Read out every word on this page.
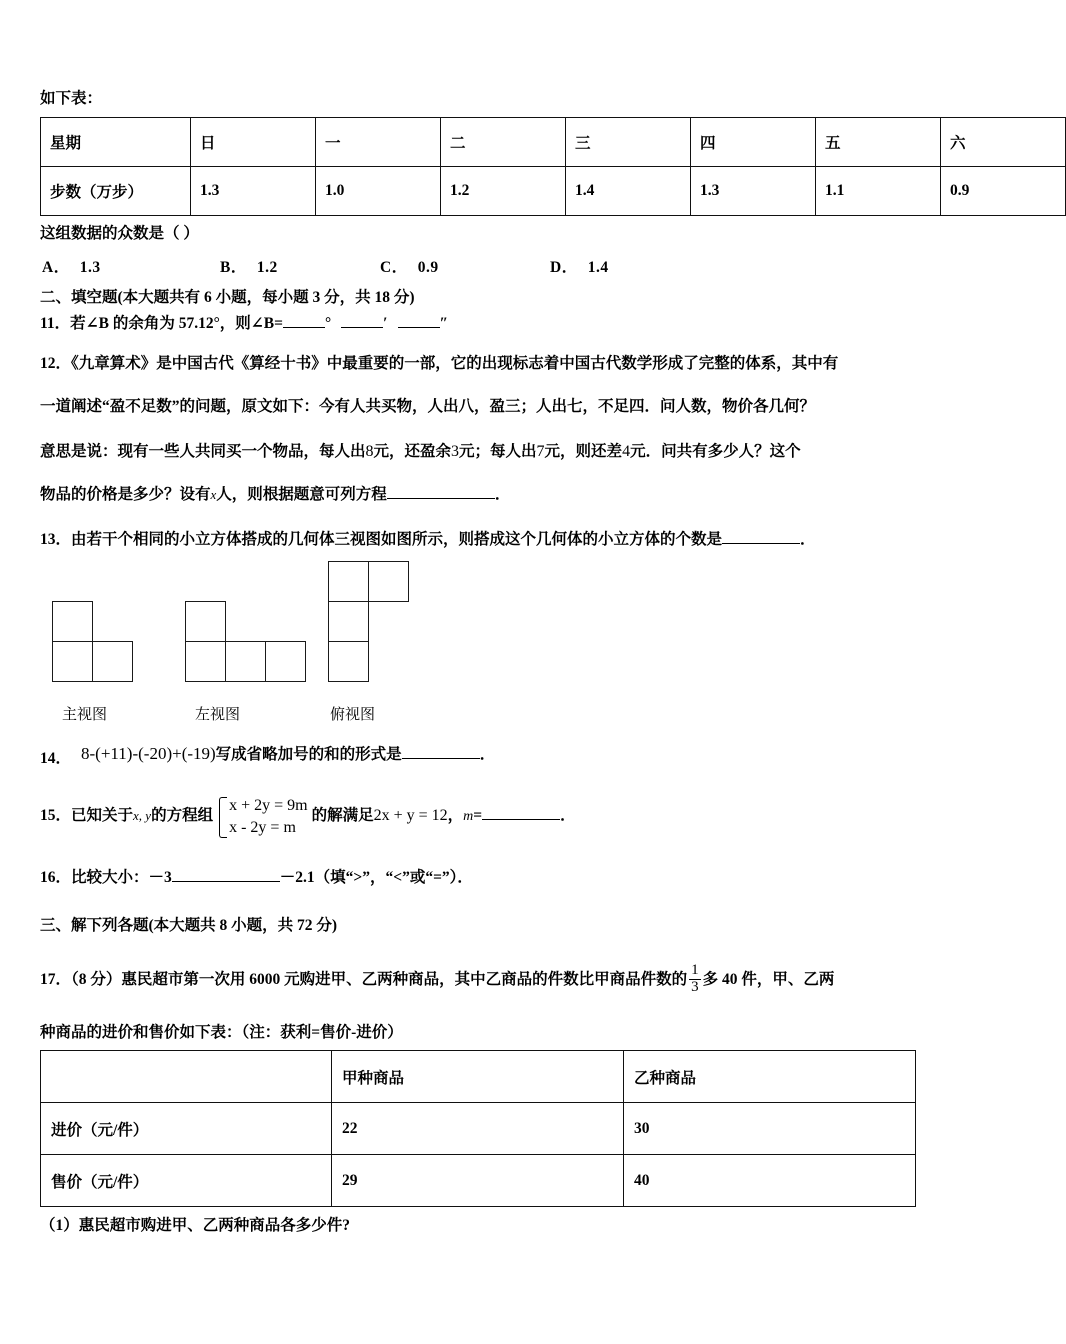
如下表：
星期	日	一	二	三	四	五	六
步数（万步）	1.3	1.0	1.2	1.4	1.3	1.1	0.9
这组数据的众数是（ ）
A． 1.3	B． 1.2	C． 0.9	D． 1.4
二、填空题(本大题共有 6 小题，每小题 3 分，共 18 分)
11．若∠B 的余角为 57.12°，则∠B=	°	′	″
12．《九章算术》是中国古代《算经十书》中最重要的一部，它的出现标志着中国古代数学形成了完整的体系，其中有
一道阐述“盈不足数”的问题，原文如下：今有人共买物，人出八，盈三；人出七，不足四．问人数，物价各几何？
意思是说：现有一些人共同买一个物品，每人出8元，还盈余3元；每人出7元，则还差4元．问共有多少人？这个
物品的价格是多少？设有x人，则根据题意可列方程	．
13．由若干个相同的小立方体搭成的几何体三视图如图所示，则搭成这个几何体的小立方体的个数是	．
主视图	左视图	俯视图
14． 8-(+11)-(-20)+(-19)写成省略加号的和的形式是	．
15．已知关于x, y的方程组
x + 2y = 9m
x - 2y = m
的解满足2x + y = 12，m=	．
16．比较大小：－3	－2.1（填“>”，“<”或“=”）．
三、解下列各题(本大题共 8 小题，共 72 分)
17．（8 分）惠民超市第一次用 6000 元购进甲、乙两种商品，其中乙商品的件数比甲商品件数的 $\frac{1}{3}$ 多 40 件，甲、乙两
种商品的进价和售价如下表：（注：获利=售价-进价）
	甲种商品	乙种商品
进价（元/件）	22	30
售价（元/件）	29	40
（1）惠民超市购进甲、乙两种商品各多少件?
